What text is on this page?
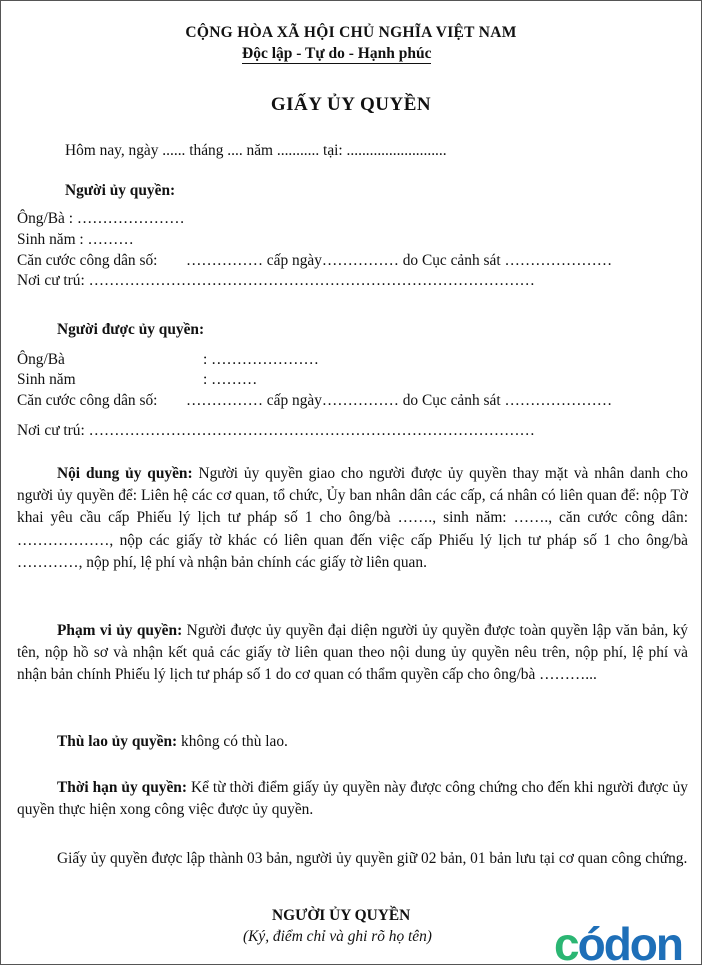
CỘNG HÒA XÃ HỘI CHỦ NGHĨA VIỆT NAM
Độc lập - Tự do - Hạnh phúc
GIẤY ỦY QUYỀN
Hôm nay, ngày ...... tháng .... năm ........... tại: ..........................
Người ủy quyền:
Ông/Bà : …………………
Sinh năm : ………
Căn cước công dân số: …………… cấp ngày…………… do Cục cảnh sát …………………
Nơi cư trú: ……………………………………………………………………………
Người được ủy quyền:
Ông/Bà	: …………………
Sinh năm	: ………
Căn cước công dân số: …………… cấp ngày…………… do Cục cảnh sát …………………
Nơi cư trú: ……………………………………………………………………………
Nội dung ủy quyền: Người ủy quyền giao cho người được ủy quyền thay mặt và nhân danh cho người ủy quyền để: Liên hệ các cơ quan, tổ chức, Ủy ban nhân dân các cấp, cá nhân có liên quan để: nộp Tờ khai yêu cầu cấp Phiếu lý lịch tư pháp số 1 cho ông/bà ……., sinh năm: ……., căn cước công dân: ………………, nộp các giấy tờ khác có liên quan đến việc cấp Phiếu lý lịch tư pháp số 1 cho ông/bà …………, nộp phí, lệ phí và nhận bản chính các giấy tờ liên quan.
Phạm vi ủy quyền: Người được ủy quyền đại diện người ủy quyền được toàn quyền lập văn bản, ký tên, nộp hồ sơ và nhận kết quả các giấy tờ liên quan theo nội dung ủy quyền nêu trên, nộp phí, lệ phí và nhận bản chính Phiếu lý lịch tư pháp số 1 do cơ quan có thẩm quyền cấp cho ông/bà ………...
Thù lao ủy quyền: không có thù lao.
Thời hạn ủy quyền: Kể từ thời điểm giấy ủy quyền này được công chứng cho đến khi người được ủy quyền thực hiện xong công việc được ủy quyền.
Giấy ủy quyền được lập thành 03 bản, người ủy quyền giữ 02 bản, 01 bản lưu tại cơ quan công chứng.
NGƯỜI ỦY QUYỀN
(Ký, điểm chỉ và ghi rõ họ tên)	códon
